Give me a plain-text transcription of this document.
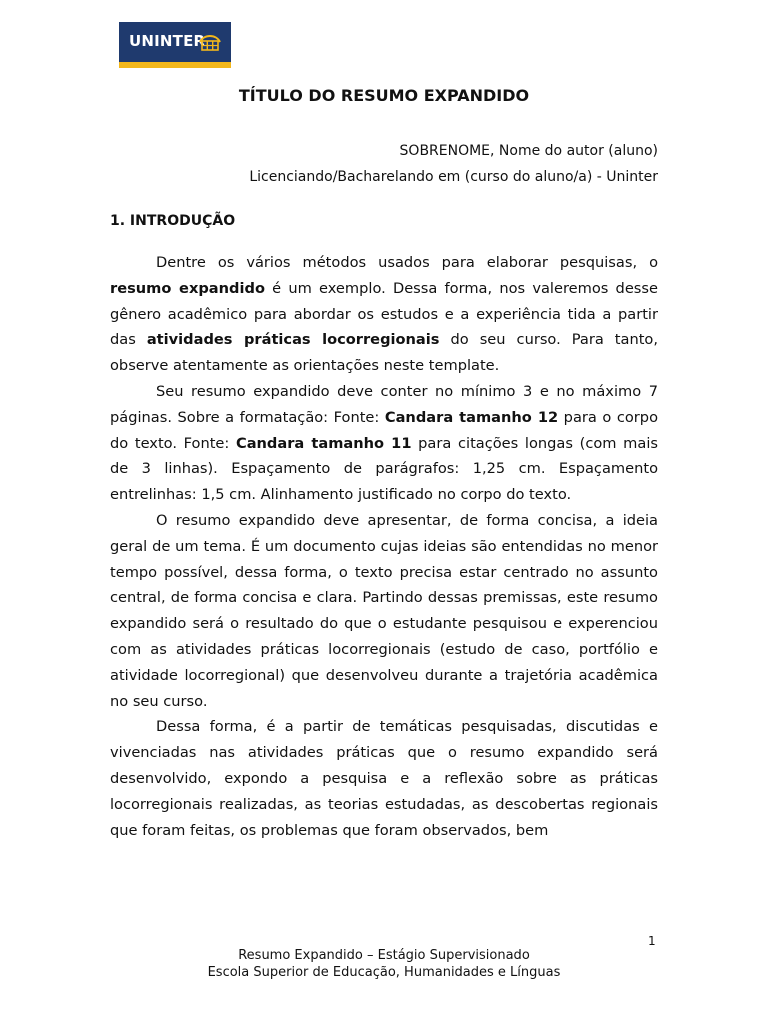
UNINTER
TÍTULO DO RESUMO EXPANDIDO
SOBRENOME, Nome do autor (aluno)
Licenciando/Bacharelando em (curso do aluno/a) - Uninter
1. INTRODUÇÃO

Dentre os vários métodos usados para elaborar pesquisas, o resumo expandido é um exemplo. Dessa forma, nos valeremos desse gênero acadêmico para abordar os estudos e a experiência tida a partir das atividades práticas locorregionais do seu curso. Para tanto, observe atentamente as orientações neste template.

Seu resumo expandido deve conter no mínimo 3 e no máximo 7 páginas. Sobre a formatação: Fonte: Candara tamanho 12 para o corpo do texto. Fonte: Candara tamanho 11 para citações longas (com mais de 3 linhas). Espaçamento de parágrafos: 1,25 cm. Espaçamento entrelinhas: 1,5 cm. Alinhamento justificado no corpo do texto.

O resumo expandido deve apresentar, de forma concisa, a ideia geral de um tema. É um documento cujas ideias são entendidas no menor tempo possível, dessa forma, o texto precisa estar centrado no assunto central, de forma concisa e clara. Partindo dessas premissas, este resumo expandido será o resultado do que o estudante pesquisou e experenciou com as atividades práticas locorregionais (estudo de caso, portfólio e atividade locorregional) que desenvolveu durante a trajetória acadêmica no seu curso.

Dessa forma, é a partir de temáticas pesquisadas, discutidas e vivenciadas nas atividades práticas que o resumo expandido será desenvolvido, expondo a pesquisa e a reflexão sobre as práticas locorregionais realizadas, as teorias estudadas, as descobertas regionais que foram feitas, os problemas que foram observados, bem

1
Resumo Expandido – Estágio Supervisionado
Escola Superior de Educação, Humanidades e Línguas
